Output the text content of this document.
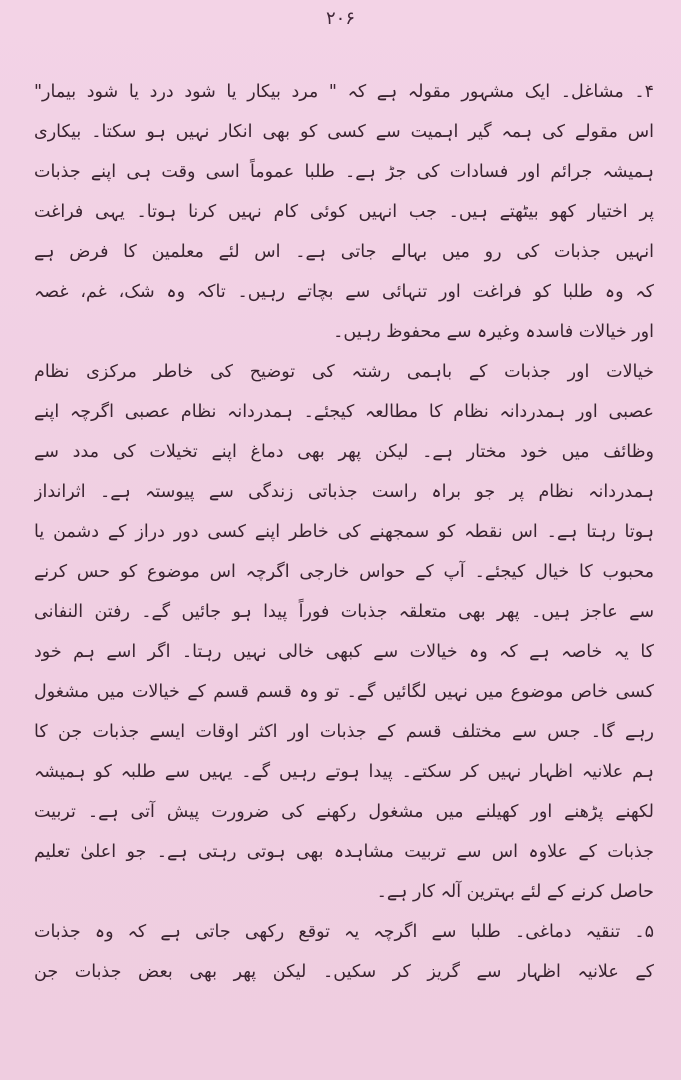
۲۰۶
۴۔ مشاغل۔ ایک مشہور مقولہ ہے کہ " مرد بیکار یا شود درد یا شود بیمار"
اس مقولے کی ہمہ گیر اہمیت سے کسی کو بھی انکار نہیں ہو سکتا۔ بیکاری
ہمیشہ جرائم اور فسادات کی جڑ ہے۔ طلبا عموماً اسی وقت ہی اپنے جذبات
پر اختیار کھو بیٹھتے ہیں۔ جب انہیں کوئی کام نہیں کرنا ہوتا۔ یہی فراغت
انہیں جذبات کی رو میں بہالے جاتی ہے۔ اس لئے معلمین کا فرض ہے
کہ وہ طلبا کو فراغت اور تنہائی سے بچاتے رہیں۔ تاکہ وہ شک، غم، غصہ
اور خیالات فاسدہ وغیرہ سے محفوظ رہیں۔
خیالات اور جذبات کے باہمی رشتہ کی توضیح کی خاطر مرکزی نظام
عصبی اور ہمدردانہ نظام کا مطالعہ کیجئے۔ ہمدردانہ نظام عصبی اگرچہ اپنے
وظائف میں خود مختار ہے۔ لیکن پھر بھی دماغ اپنے تخیلات کی مدد سے
ہمدردانہ نظام پر جو براہ راست جذباتی زندگی سے پیوستہ ہے۔ اثرانداز
ہوتا رہتا ہے۔ اس نقطہ کو سمجھنے کی خاطر اپنے کسی دور دراز کے دشمن یا
محبوب کا خیال کیجئے۔ آپ کے حواس خارجی اگرچہ اس موضوع کو حس کرنے
سے عاجز ہیں۔ پھر بھی متعلقہ جذبات فوراً پیدا ہو جائیں گے۔ رفتن النفانی
کا یہ خاصہ ہے کہ وہ خیالات سے کبھی خالی نہیں رہتا۔ اگر اسے ہم خود
کسی خاص موضوع میں نہیں لگائیں گے۔ تو وہ قسم قسم کے خیالات میں مشغول
رہے گا۔ جس سے مختلف قسم کے جذبات اور اکثر اوقات ایسے جذبات جن کا
ہم علانیہ اظہار نہیں کر سکتے۔ پیدا ہوتے رہیں گے۔ یہیں سے طلبہ کو ہمیشہ
لکھنے پڑھنے اور کھیلنے میں مشغول رکھنے کی ضرورت پیش آتی ہے۔ تربیت
جذبات کے علاوہ اس سے تربیت مشاہدہ بھی ہوتی رہتی ہے۔ جو اعلیٰ تعلیم
حاصل کرنے کے لئے بہترین آلہ کار ہے۔
۵۔ تنقیہ دماغی۔ طلبا سے اگرچہ یہ توقع رکھی جاتی ہے کہ وہ جذبات
کے علانیہ اظہار سے گریز کر سکیں۔ لیکن پھر بھی بعض جذبات جن
